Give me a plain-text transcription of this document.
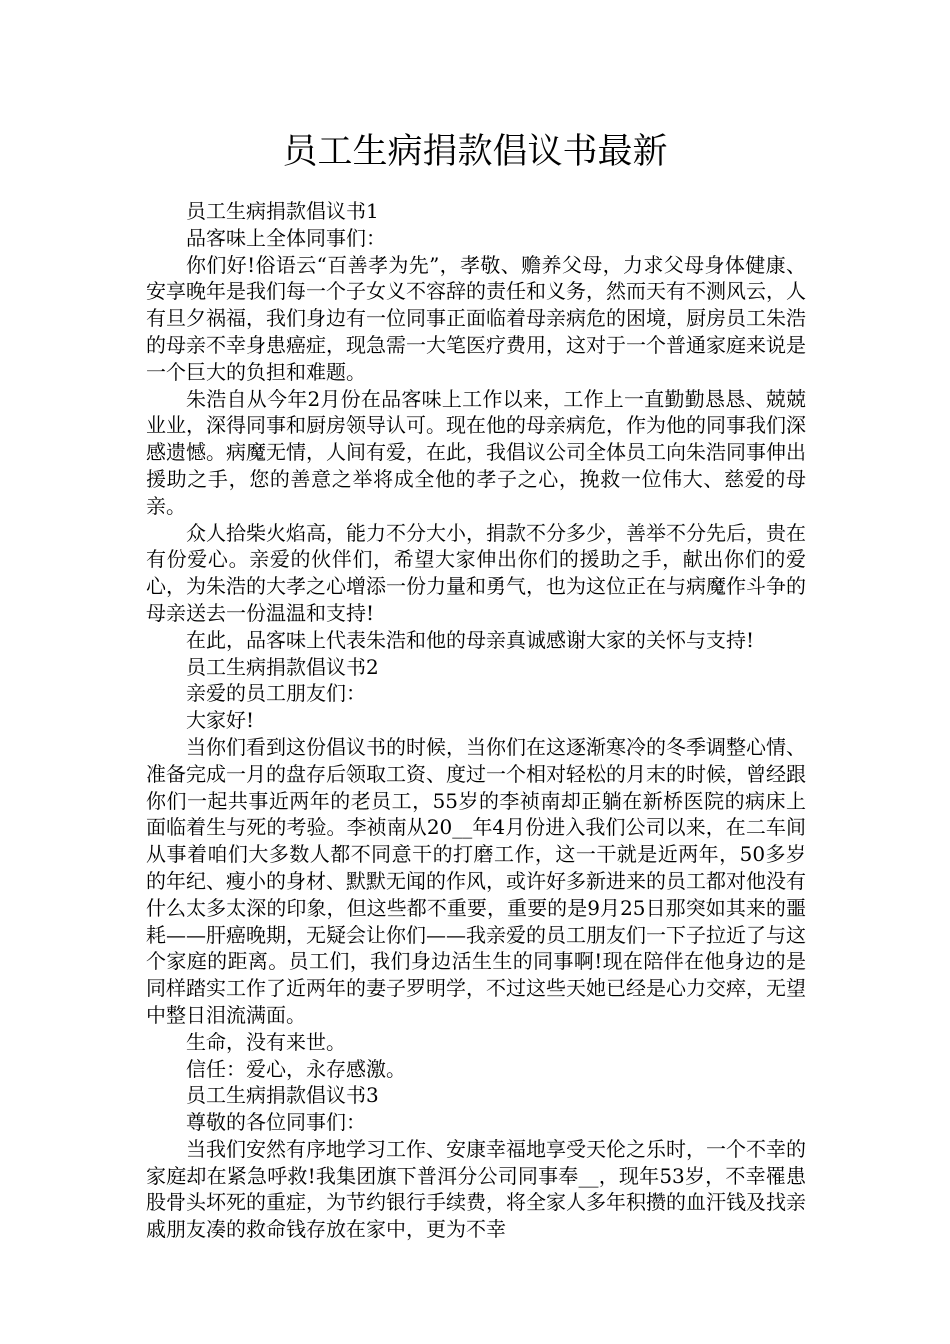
员工生病捐款倡议书最新

员工生病捐款倡议书1

品客味上全体同事们：

你们好!俗语云“百善孝为先”，孝敬、赡养父母，力求父母身体健康、安享晚年是我们每一个子女义不容辞的责任和义务，然而天有不测风云，人有旦夕祸福，我们身边有一位同事正面临着母亲病危的困境，厨房员工朱浩的母亲不幸身患癌症，现急需一大笔医疗费用，这对于一个普通家庭来说是一个巨大的负担和难题。

朱浩自从今年2月份在品客味上工作以来，工作上一直勤勤恳恳、兢兢业业，深得同事和厨房领导认可。现在他的母亲病危，作为他的同事我们深感遗憾。病魔无情，人间有爱，在此，我倡议公司全体员工向朱浩同事伸出援助之手，您的善意之举将成全他的孝子之心，挽救一位伟大、慈爱的母亲。

众人拾柴火焰高，能力不分大小，捐款不分多少，善举不分先后，贵在有份爱心。亲爱的伙伴们，希望大家伸出你们的援助之手，献出你们的爱心，为朱浩的大孝之心增添一份力量和勇气，也为这位正在与病魔作斗争的母亲送去一份温温和支持!

在此，品客味上代表朱浩和他的母亲真诚感谢大家的关怀与支持!

员工生病捐款倡议书2

亲爱的员工朋友们：

大家好!

当你们看到这份倡议书的时候，当你们在这逐渐寒冷的冬季调整心情、准备完成一月的盘存后领取工资、度过一个相对轻松的月末的时候，曾经跟你们一起共事近两年的老员工，55岁的李祯南却正躺在新桥医院的病床上面临着生与死的考验。李祯南从20__年4月份进入我们公司以来，在二车间从事着咱们大多数人都不同意干的打磨工作，这一干就是近两年，50多岁的年纪、瘦小的身材、默默无闻的作风，或许好多新进来的员工都对他没有什么太多太深的印象，但这些都不重要，重要的是9月25日那突如其来的噩耗——肝癌晚期，无疑会让你们——我亲爱的员工朋友们一下子拉近了与这个家庭的距离。员工们，我们身边活生生的同事啊!现在陪伴在他身边的是同样踏实工作了近两年的妻子罗明学，不过这些天她已经是心力交瘁，无望中整日泪流满面。

生命，没有来世。

信任：爱心，永存感激。

员工生病捐款倡议书3

尊敬的各位同事们：

当我们安然有序地学习工作、安康幸福地享受天伦之乐时，一个不幸的家庭却在紧急呼救!我集团旗下普洱分公司同事奉__，现年53岁，不幸罹患股骨头坏死的重症，为节约银行手续费，将全家人多年积攒的血汗钱及找亲戚朋友凑的救命钱存放在家中，更为不幸
